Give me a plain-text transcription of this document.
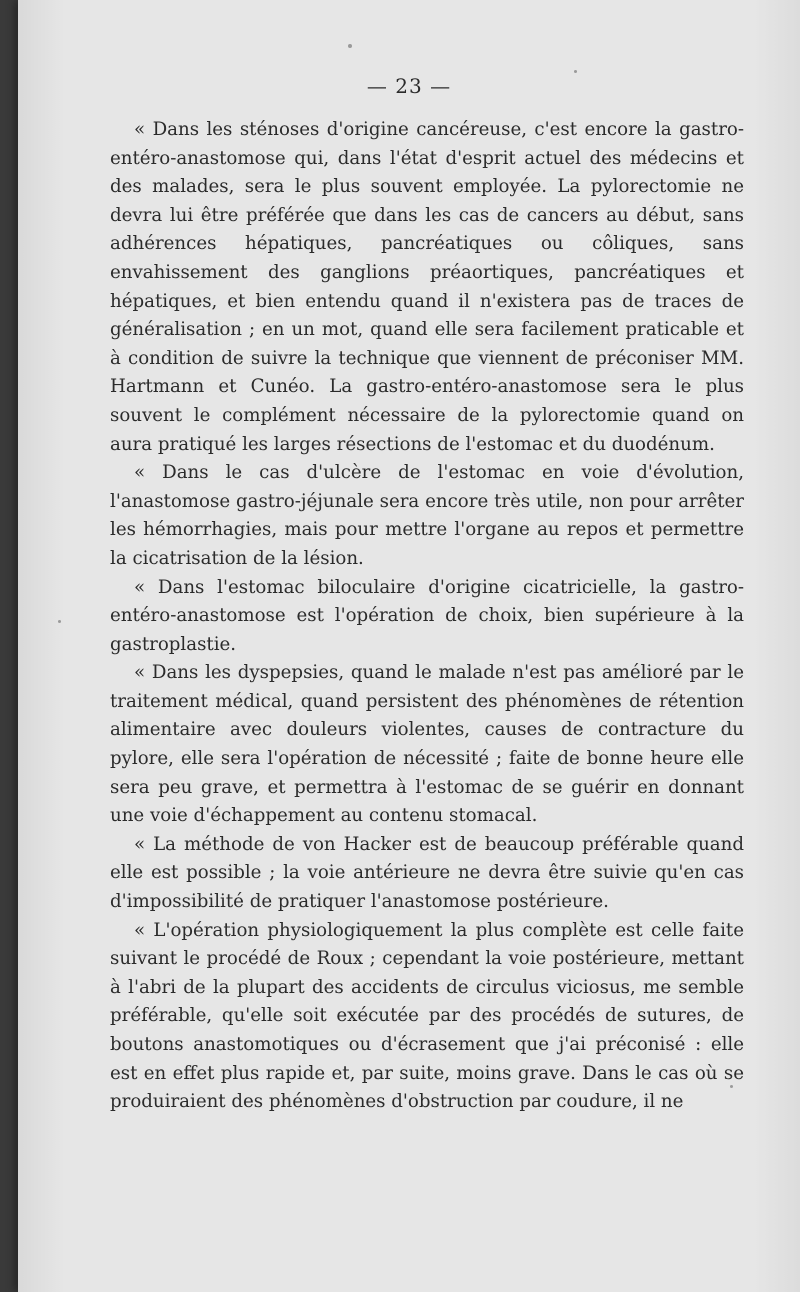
— 23 —

« Dans les sténoses d'origine cancéreuse, c'est encore la gastro-entéro-anastomose qui, dans l'état d'esprit actuel des médecins et des malades, sera le plus souvent employée. La pylorectomie ne devra lui être préférée que dans les cas de cancers au début, sans adhérences hépatiques, pancréatiques ou côliques, sans envahissement des ganglions préaortiques, pancréatiques et hépatiques, et bien entendu quand il n'existera pas de traces de généralisation ; en un mot, quand elle sera facilement praticable et à condition de suivre la technique que viennent de préconiser MM. Hartmann et Cunéo. La gastro-entéro-anastomose sera le plus souvent le complément nécessaire de la pylorectomie quand on aura pratiqué les larges résections de l'estomac et du duodénum.

« Dans le cas d'ulcère de l'estomac en voie d'évolution, l'anastomose gastro-jéjunale sera encore très utile, non pour arrêter les hémorrhagies, mais pour mettre l'organe au repos et permettre la cicatrisation de la lésion.

« Dans l'estomac biloculaire d'origine cicatricielle, la gastro-entéro-anastomose est l'opération de choix, bien supérieure à la gastroplastie.

« Dans les dyspepsies, quand le malade n'est pas amélioré par le traitement médical, quand persistent des phénomènes de rétention alimentaire avec douleurs violentes, causes de contracture du pylore, elle sera l'opération de nécessité ; faite de bonne heure elle sera peu grave, et permettra à l'estomac de se guérir en donnant une voie d'échappement au contenu stomacal.

« La méthode de von Hacker est de beaucoup préférable quand elle est possible ; la voie antérieure ne devra être suivie qu'en cas d'impossibilité de pratiquer l'anastomose postérieure.

« L'opération physiologiquement la plus complète est celle faite suivant le procédé de Roux ; cependant la voie postérieure, mettant à l'abri de la plupart des accidents de circulus viciosus, me semble préférable, qu'elle soit exécutée par des procédés de sutures, de boutons anastomotiques ou d'écrasement que j'ai préconisé : elle est en effet plus rapide et, par suite, moins grave. Dans le cas où se produiraient des phénomènes d'obstruction par coudure, il ne
